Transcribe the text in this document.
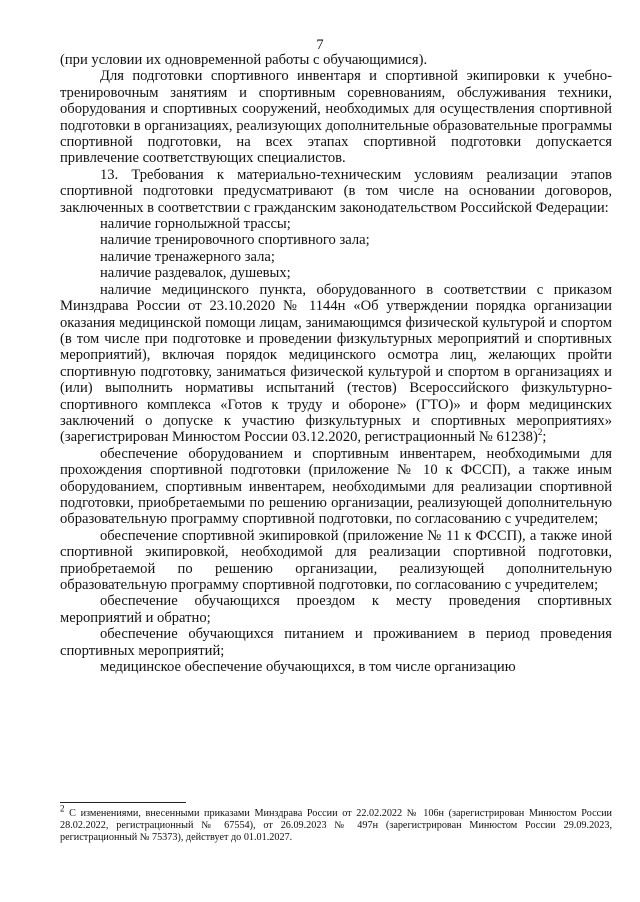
7

(при условии их одновременной работы с обучающимися).

Для подготовки спортивного инвентаря и спортивной экипировки к учебно-тренировочным занятиям и спортивным соревнованиям, обслуживания техники, оборудования и спортивных сооружений, необходимых для осуществления спортивной подготовки в организациях, реализующих дополнительные образовательные программы спортивной подготовки, на всех этапах спортивной подготовки допускается привлечение соответствующих специалистов.

13. Требования к материально-техническим условиям реализации этапов спортивной подготовки предусматривают (в том числе на основании договоров, заключенных в соответствии с гражданским законодательством Российской Федерации:

наличие горнолыжной трассы;

наличие тренировочного спортивного зала;

наличие тренажерного зала;

наличие раздевалок, душевых;

наличие медицинского пункта, оборудованного в соответствии с приказом Минздрава России от 23.10.2020 № 1144н «Об утверждении порядка организации оказания медицинской помощи лицам, занимающимся физической культурой и спортом (в том числе при подготовке и проведении физкультурных мероприятий и спортивных мероприятий), включая порядок медицинского осмотра лиц, желающих пройти спортивную подготовку, заниматься физической культурой и спортом в организациях и (или) выполнить нормативы испытаний (тестов) Всероссийского физкультурно-спортивного комплекса «Готов к труду и обороне» (ГТО)» и форм медицинских заключений о допуске к участию физкультурных и спортивных мероприятиях» (зарегистрирован Минюстом России 03.12.2020, регистрационный № 61238)$^2$;

обеспечение оборудованием и спортивным инвентарем, необходимыми для прохождения спортивной подготовки (приложение № 10 к ФССП), а также иным оборудованием, спортивным инвентарем, необходимыми для реализации спортивной подготовки, приобретаемыми по решению организации, реализующей дополнительную образовательную программу спортивной подготовки, по согласованию с учредителем;

обеспечение спортивной экипировкой (приложение № 11 к ФССП), а также иной спортивной экипировкой, необходимой для реализации спортивной подготовки, приобретаемой по решению организации, реализующей дополнительную образовательную программу спортивной подготовки, по согласованию с учредителем;

обеспечение обучающихся проездом к месту проведения спортивных мероприятий и обратно;

обеспечение обучающихся питанием и проживанием в период проведения спортивных мероприятий;

медицинское обеспечение обучающихся, в том числе организацию

$^2$ С изменениями, внесенными приказами Минздрава России от 22.02.2022 № 106н (зарегистрирован Минюстом России 28.02.2022, регистрационный № 67554), от 26.09.2023 № 497н (зарегистрирован Минюстом России 29.09.2023, регистрационный № 75373), действует до 01.01.2027.
